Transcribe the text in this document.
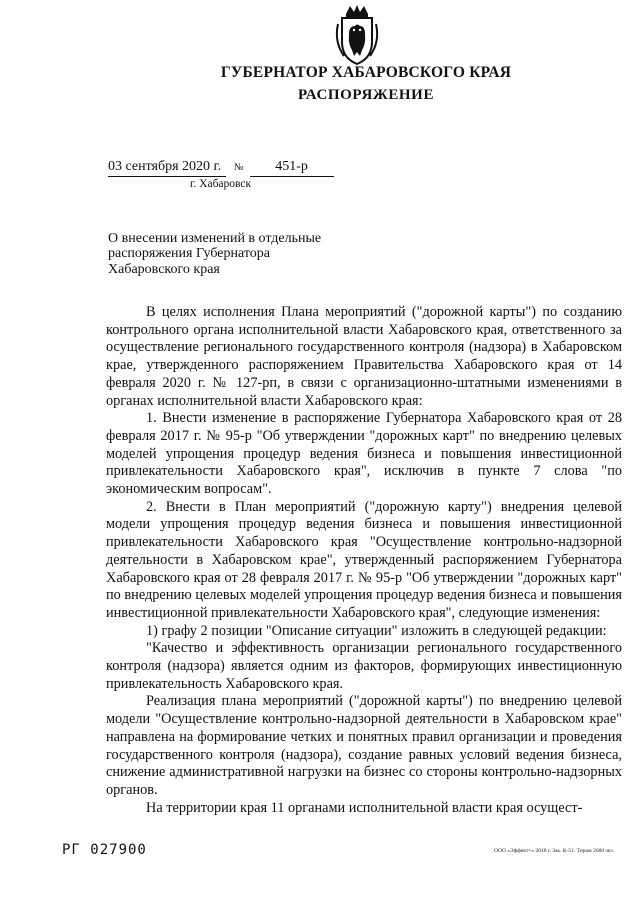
ГУБЕРНАТОР ХАБАРОВСКОГО КРАЯ
РАСПОРЯЖЕНИЕ
03 сентября 2020 г. № 451-р
г. Хабаровск
О внесении изменений в отдельные распоряжения Губернатора Хабаровского края

В целях исполнения Плана мероприятий ("дорожной карты") по созданию контрольного органа исполнительной власти Хабаровского края, ответственного за осуществление регионального государственного контроля (надзора) в Хабаровском крае, утвержденного распоряжением Правительства Хабаровского края от 14 февраля 2020 г. № 127-рп, в связи с организационно-штатными изменениями в органах исполнительной власти Хабаровского края:

1. Внести изменение в распоряжение Губернатора Хабаровского края от 28 февраля 2017 г. № 95-р "Об утверждении "дорожных карт" по внедрению целевых моделей упрощения процедур ведения бизнеса и повышения инвестиционной привлекательности Хабаровского края", исключив в пункте 7 слова "по экономическим вопросам".

2. Внести в План мероприятий ("дорожную карту") внедрения целевой модели упрощения процедур ведения бизнеса и повышения инвестиционной привлекательности Хабаровского края "Осуществление контрольно-надзорной деятельности в Хабаровском крае", утвержденный распоряжением Губернатора Хабаровского края от 28 февраля 2017 г. № 95-р "Об утверждении "дорожных карт" по внедрению целевых моделей упрощения процедур ведения бизнеса и повышения инвестиционной привлекательности Хабаровского края", следующие изменения:

1) графу 2 позиции "Описание ситуации" изложить в следующей редакции:

"Качество и эффективность организации регионального государственного контроля (надзора) является одним из факторов, формирующих инвестиционную привлекательность Хабаровского края.

Реализация плана мероприятий ("дорожной карты") по внедрению целевой модели "Осуществление контрольно-надзорной деятельности в Хабаровском крае" направлена на формирование четких и понятных правил организации и проведения государственного контроля (надзора), создание равных условий ведения бизнеса, снижение административной нагрузки на бизнес со стороны контрольно-надзорных органов.

На территории края 11 органами исполнительной власти края осущест-

РГ 027900	ООО «Эффект+» 2018 г. Зак. К-51. Тираж 2000 экз.
